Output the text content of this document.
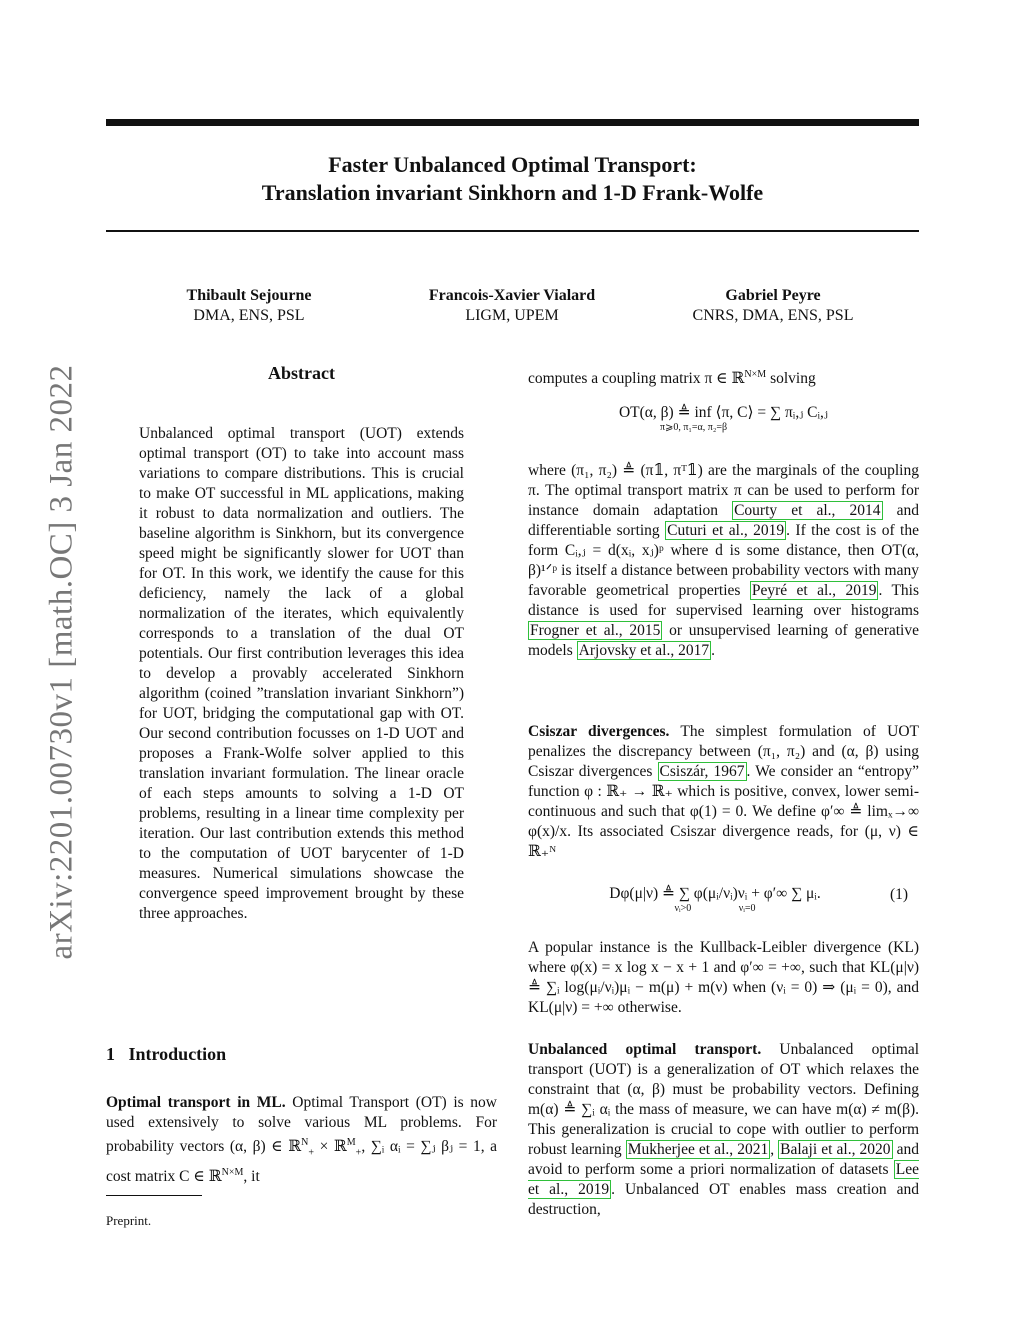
arXiv:2201.00730v1 [math.OC] 3 Jan 2022
Faster Unbalanced Optimal Transport:
Translation invariant Sinkhorn and 1-D Frank-Wolfe
Thibault Sejourne
DMA, ENS, PSL
Francois-Xavier Vialard
LIGM, UPEM
Gabriel Peyre
CNRS, DMA, ENS, PSL
Abstract
Unbalanced optimal transport (UOT) extends optimal transport (OT) to take into account mass variations to compare distributions. This is crucial to make OT successful in ML applications, making it robust to data normalization and outliers. The baseline algorithm is Sinkhorn, but its convergence speed might be significantly slower for UOT than for OT. In this work, we identify the cause for this deficiency, namely the lack of a global normalization of the iterates, which equivalently corresponds to a translation of the dual OT potentials. Our first contribution leverages this idea to develop a provably accelerated Sinkhorn algorithm (coined ”translation invariant Sinkhorn”) for UOT, bridging the computational gap with OT. Our second contribution focusses on 1-D UOT and proposes a Frank-Wolfe solver applied to this translation invariant formulation. The linear oracle of each steps amounts to solving a 1-D OT problems, resulting in a linear time complexity per iteration. Our last contribution extends this method to the computation of UOT barycenter of 1-D measures. Numerical simulations showcase the convergence speed improvement brought by these three approaches.
1 Introduction
Optimal transport in ML. Optimal Transport (OT) is now used extensively to solve various ML problems. For probability vectors (α, β) ∈ ℝ$^N_+$ × ℝ$^M_+$, ∑ᵢ αᵢ = ∑ⱼ βⱼ = 1, a cost matrix C ∈ ℝ$^{N\times M}$, it
Preprint.
computes a coupling matrix π ∈ ℝ$^{N\times M}$ solving
OT(α, β) ≜ inf ⟨π, C⟩ = ∑ πᵢ,ⱼ Cᵢ,ⱼ
π⩾0, π₁=α, π₂=β
where (π₁, π₂) ≜ (π𝟙, πᵀ𝟙) are the marginals of the coupling π. The optimal transport matrix π can be used to perform for instance domain adaptation Courty et al., 2014 and differentiable sorting Cuturi et al., 2019 . If the cost is of the form Cᵢ,ⱼ = d(xᵢ, xⱼ)ᵖ where d is some distance, then OT(α, β)¹ᐟᵖ is itself a distance between probability vectors with many favorable geometrical properties Peyré et al., 2019 . This distance is used for supervised learning over histograms Frogner et al., 2015 or unsupervised learning of generative models Arjovsky et al., 2017 .
Csiszar divergences. The simplest formulation of UOT penalizes the discrepancy between (π₁, π₂) and (α, β) using Csiszar divergences Csiszár, 1967 . We consider an “entropy” function φ : ℝ₊ → ℝ₊ which is positive, convex, lower semi-continuous and such that φ(1) = 0. We define φ′∞ ≜ limₓ→∞ φ(x)/x. Its associated Csiszar divergence reads, for (μ, ν) ∈ ℝ₊ᴺ
Dφ(μ|ν) ≜ ∑ φ(μᵢ/νᵢ)νᵢ + φ′∞ ∑ μᵢ.
νᵢ>0	νᵢ=0
(1)
A popular instance is the Kullback-Leibler divergence (KL) where φ(x) = x log x − x + 1 and φ′∞ = +∞, such that KL(μ|ν) ≜ ∑ᵢ log(μᵢ/νᵢ)μᵢ − m(μ) + m(ν) when (νᵢ = 0) ⇒ (μᵢ = 0), and KL(μ|ν) = +∞ otherwise.
Unbalanced optimal transport. Unbalanced optimal transport (UOT) is a generalization of OT which relaxes the constraint that (α, β) must be probability vectors. Defining m(α) ≜ ∑ᵢ αᵢ the mass of measure, we can have m(α) ≠ m(β). This generalization is crucial to cope with outlier to perform robust learning Mukherjee et al., 2021 , Balaji et al., 2020 and avoid to perform some a priori normalization of datasets Lee et al., 2019 . Unbalanced OT enables mass creation and destruction,
